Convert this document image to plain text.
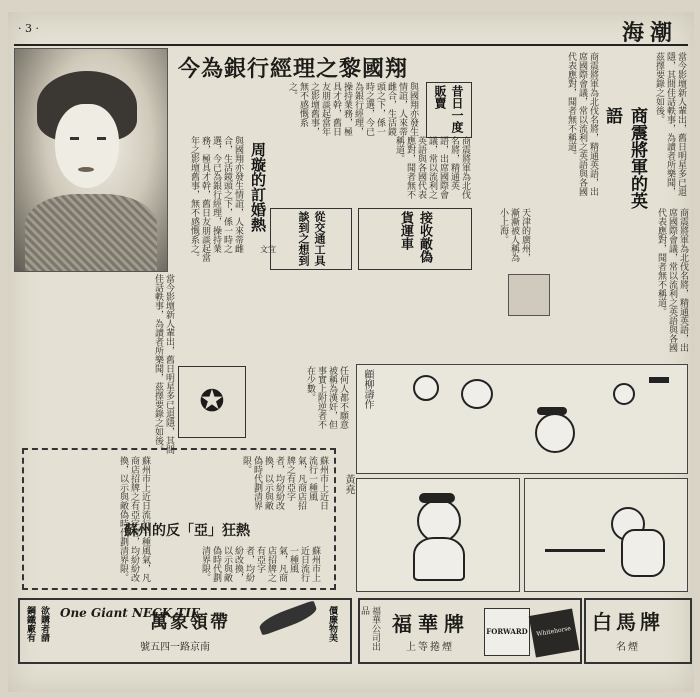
· 3 ·	海潮
今為銀行經理之黎國翔
與國翔亦發生情誼，人來蒂雌合，生活鏡頭之下，係一時之選，今已為銀行經理，操持業務，極具才幹，舊日友朋談起當年之影壇舊事，無不感慨系之。	昔日一度販賣
與國翔亦發生情誼，人來蒂雌合，生活鏡頭之下，係一時之選，今已為銀行經理，操持業務，極具才幹，舊日友朋談起當年之影壇舊事，無不感慨系之。	周璇的訂婚熱
文宜
商震將軍為北伐名將，精通英語，出席國際會議，常以流利之英語與各國代表應對，聞者無不稱道。
從交通工具談到之想到	接收敵偽貨運車
商震將軍為北伐名將，精通英語，出席國際會議，常以流利之英語與各國代表應對，聞者無不稱道。	商震將軍的英語	當今影壇新人輩出，舊日明星多已退隱，其間佳話軼事，為讀者所樂聞，茲擇要錄之如後。
天津的廣州，漸漸被人稱為小上海。	商震將軍為北伐名將，精通英語，出席國際會議，常以流利之英語與各國代表應對，聞者無不稱道。
當今影壇新人輩出，舊日明星多已退隱，其間佳話軼事，為讀者所樂聞，茲擇要錄之如後。	✪	任何人都不願意被稱為漢奸，但事實上附逆者不在少數。	顧柳濤作
黃堯
蘇州市上近日流行一種風氣，凡商店招牌之有亞字者，均紛紛改換，以示與敵偽時代劃清界限。
蘇州的反「亞」狂熱
蘇州市上近日流行一種風氣，凡商店招牌之有亞字者，均紛紛改換，以示與敵偽時代劃清界限。
蘇州市上近日流行一種風氣，凡商店招牌之有亞字者，均紛紛改換，以示與敵偽時代劃清界限。
鋼鐵廠有 欲購者請 One Giant NECK TIE
萬象領帶
號五四一路京南
價廉物美	福華公司出品
福華牌
上等捲煙
FORWARD	Whitehorse 白馬牌
名煙
